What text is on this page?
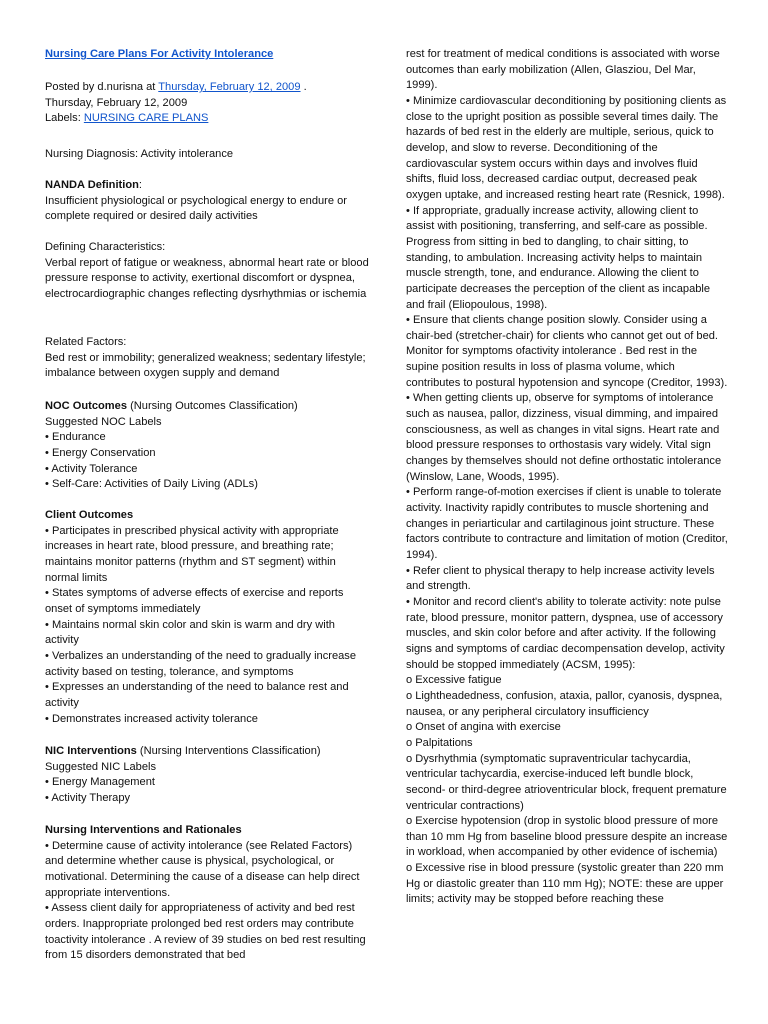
Nursing Care Plans For Activity Intolerance

Posted by d.nurisna at Thursday, February 12, 2009 .

Thursday, February 12, 2009

Labels: NURSING CARE PLANS

Nursing Diagnosis: Activity intolerance

NANDA Definition:

Insufficient physiological or psychological energy to endure or complete required or desired daily activities

Defining Characteristics:

Verbal report of fatigue or weakness, abnormal heart rate or blood pressure response to activity, exertional discomfort or dyspnea, electrocardiographic changes reflecting dysrhythmias or ischemia

Related Factors:

Bed rest or immobility; generalized weakness; sedentary lifestyle; imbalance between oxygen supply and demand

NOC Outcomes (Nursing Outcomes Classification)

Suggested NOC Labels

• Endurance

• Energy Conservation

• Activity Tolerance

• Self-Care: Activities of Daily Living (ADLs)

Client Outcomes

• Participates in prescribed physical activity with appropriate increases in heart rate, blood pressure, and breathing rate; maintains monitor patterns (rhythm and ST segment) within normal limits

• States symptoms of adverse effects of exercise and reports onset of symptoms immediately

• Maintains normal skin color and skin is warm and dry with activity

• Verbalizes an understanding of the need to gradually increase activity based on testing, tolerance, and symptoms

• Expresses an understanding of the need to balance rest and activity

• Demonstrates increased activity tolerance

NIC Interventions (Nursing Interventions Classification)

Suggested NIC Labels

• Energy Management

• Activity Therapy

Nursing Interventions and Rationales

• Determine cause of activity intolerance (see Related Factors) and determine whether cause is physical, psychological, or motivational. Determining the cause of a disease can help direct appropriate interventions.

• Assess client daily for appropriateness of activity and bed rest orders. Inappropriate prolonged bed rest orders may contribute toactivity intolerance . A review of 39 studies on bed rest resulting from 15 disorders demonstrated that bed

rest for treatment of medical conditions is associated with worse outcomes than early mobilization (Allen, Glasziou, Del Mar, 1999).

• Minimize cardiovascular deconditioning by positioning clients as close to the upright position as possible several times daily. The hazards of bed rest in the elderly are multiple, serious, quick to develop, and slow to reverse. Deconditioning of the cardiovascular system occurs within days and involves fluid shifts, fluid loss, decreased cardiac output, decreased peak oxygen uptake, and increased resting heart rate (Resnick, 1998).

• If appropriate, gradually increase activity, allowing client to assist with positioning, transferring, and self-care as possible. Progress from sitting in bed to dangling, to chair sitting, to standing, to ambulation. Increasing activity helps to maintain muscle strength, tone, and endurance. Allowing the client to participate decreases the perception of the client as incapable and frail (Eliopoulous, 1998).

• Ensure that clients change position slowly. Consider using a chair-bed (stretcher-chair) for clients who cannot get out of bed. Monitor for symptoms ofactivity intolerance . Bed rest in the supine position results in loss of plasma volume, which contributes to postural hypotension and syncope (Creditor, 1993).

• When getting clients up, observe for symptoms of intolerance such as nausea, pallor, dizziness, visual dimming, and impaired consciousness, as well as changes in vital signs. Heart rate and blood pressure responses to orthostasis vary widely. Vital sign changes by themselves should not define orthostatic intolerance (Winslow, Lane, Woods, 1995).

• Perform range-of-motion exercises if client is unable to tolerate activity. Inactivity rapidly contributes to muscle shortening and changes in periarticular and cartilaginous joint structure. These factors contribute to contracture and limitation of motion (Creditor, 1994).

• Refer client to physical therapy to help increase activity levels and strength.

• Monitor and record client's ability to tolerate activity: note pulse rate, blood pressure, monitor pattern, dyspnea, use of accessory muscles, and skin color before and after activity. If the following signs and symptoms of cardiac decompensation develop, activity should be stopped immediately (ACSM, 1995):

o Excessive fatigue

o Lightheadedness, confusion, ataxia, pallor, cyanosis, dyspnea, nausea, or any peripheral circulatory insufficiency

o Onset of angina with exercise

o Palpitations

o Dysrhythmia (symptomatic supraventricular tachycardia, ventricular tachycardia, exercise-induced left bundle block, second- or third-degree atrioventricular block, frequent premature ventricular contractions)

o Exercise hypotension (drop in systolic blood pressure of more than 10 mm Hg from baseline blood pressure despite an increase in workload, when accompanied by other evidence of ischemia)

o Excessive rise in blood pressure (systolic greater than 220 mm Hg or diastolic greater than 110 mm Hg); NOTE: these are upper limits; activity may be stopped before reaching these
